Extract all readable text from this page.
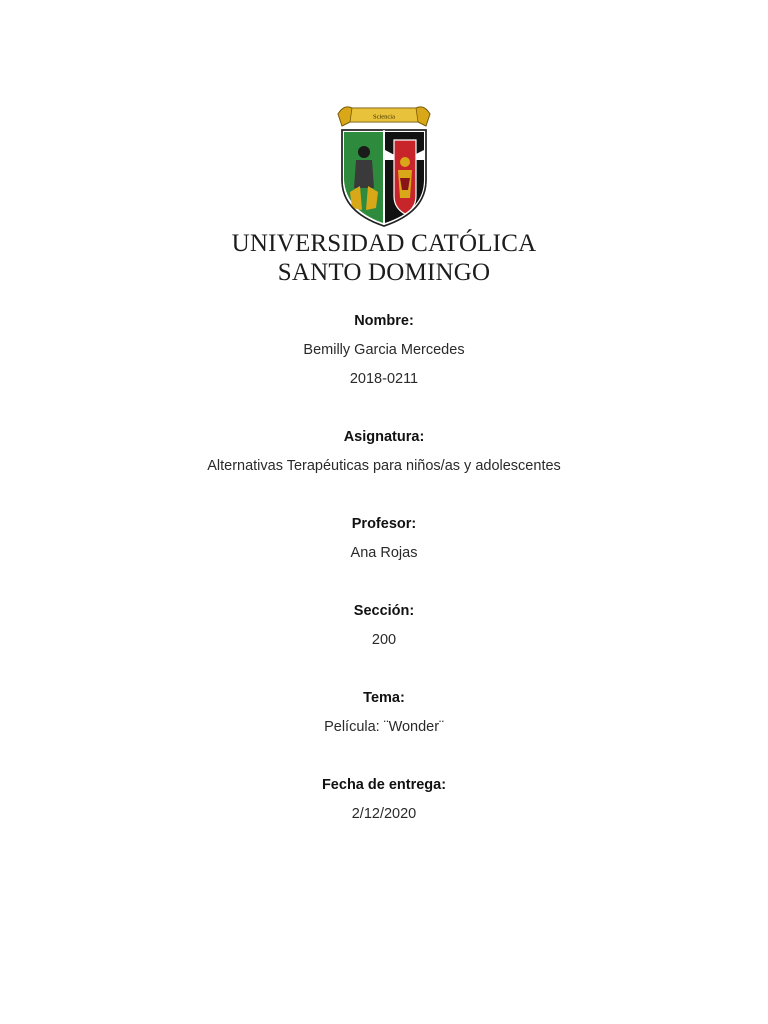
Sciencia
UNIVERSIDAD CATÓLICA
SANTO DOMINGO
Nombre:
Bemilly Garcia Mercedes
2018-0211
Asignatura:
Alternativas Terapéuticas para niños/as y adolescentes
Profesor:
Ana Rojas
Sección:
200
Tema:
Película: ¨Wonder¨
Fecha de entrega:
2/12/2020
